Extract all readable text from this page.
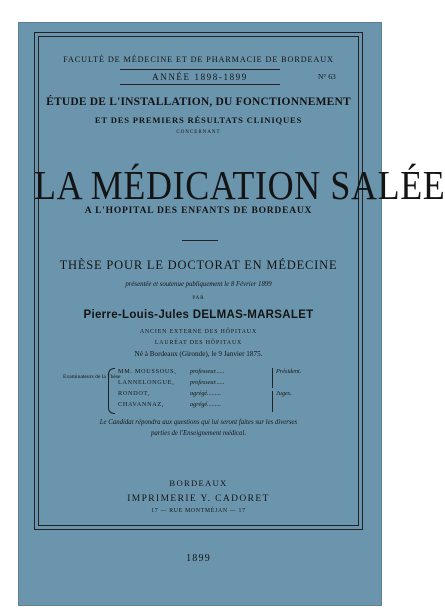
FACULTÉ DE MÉDECINE ET DE PHARMACIE DE BORDEAUX
ANNÉE 1898-1899	N° 63
ÉTUDE DE L'INSTALLATION, DU FONCTIONNEMENT
ET DES PREMIERS RÉSULTATS CLINIQUES
CONCERNANT
LA MÉDICATION SALÉE
A L'HOPITAL DES ENFANTS DE BORDEAUX
THÈSE POUR LE DOCTORAT EN MÉDECINE
présentée et soutenue publiquement le 8 Février 1899
PAR
Pierre-Louis-Jules DELMAS-MARSALET
ANCIEN EXTERNE DES HÔPITAUX
LAURÉAT DES HÔPITAUX
Né à Bordeaux (Gironde), le 9 Janvier 1875.
Examinateurs de la Thèse
MM. MOUSSOUS, professeur......	Président.
LANNELONGUE,	professeur......
RONDOT,	agrégé.........	Juges.
CHAVANNAZ,	agrégé.........
Le Candidat répondra aux questions qui lui seront faites sur les diverses
parties de l'Enseignement médical.
BORDEAUX
IMPRIMERIE Y. CADORET
17 — RUE MONTMÉJAN — 17
1899
